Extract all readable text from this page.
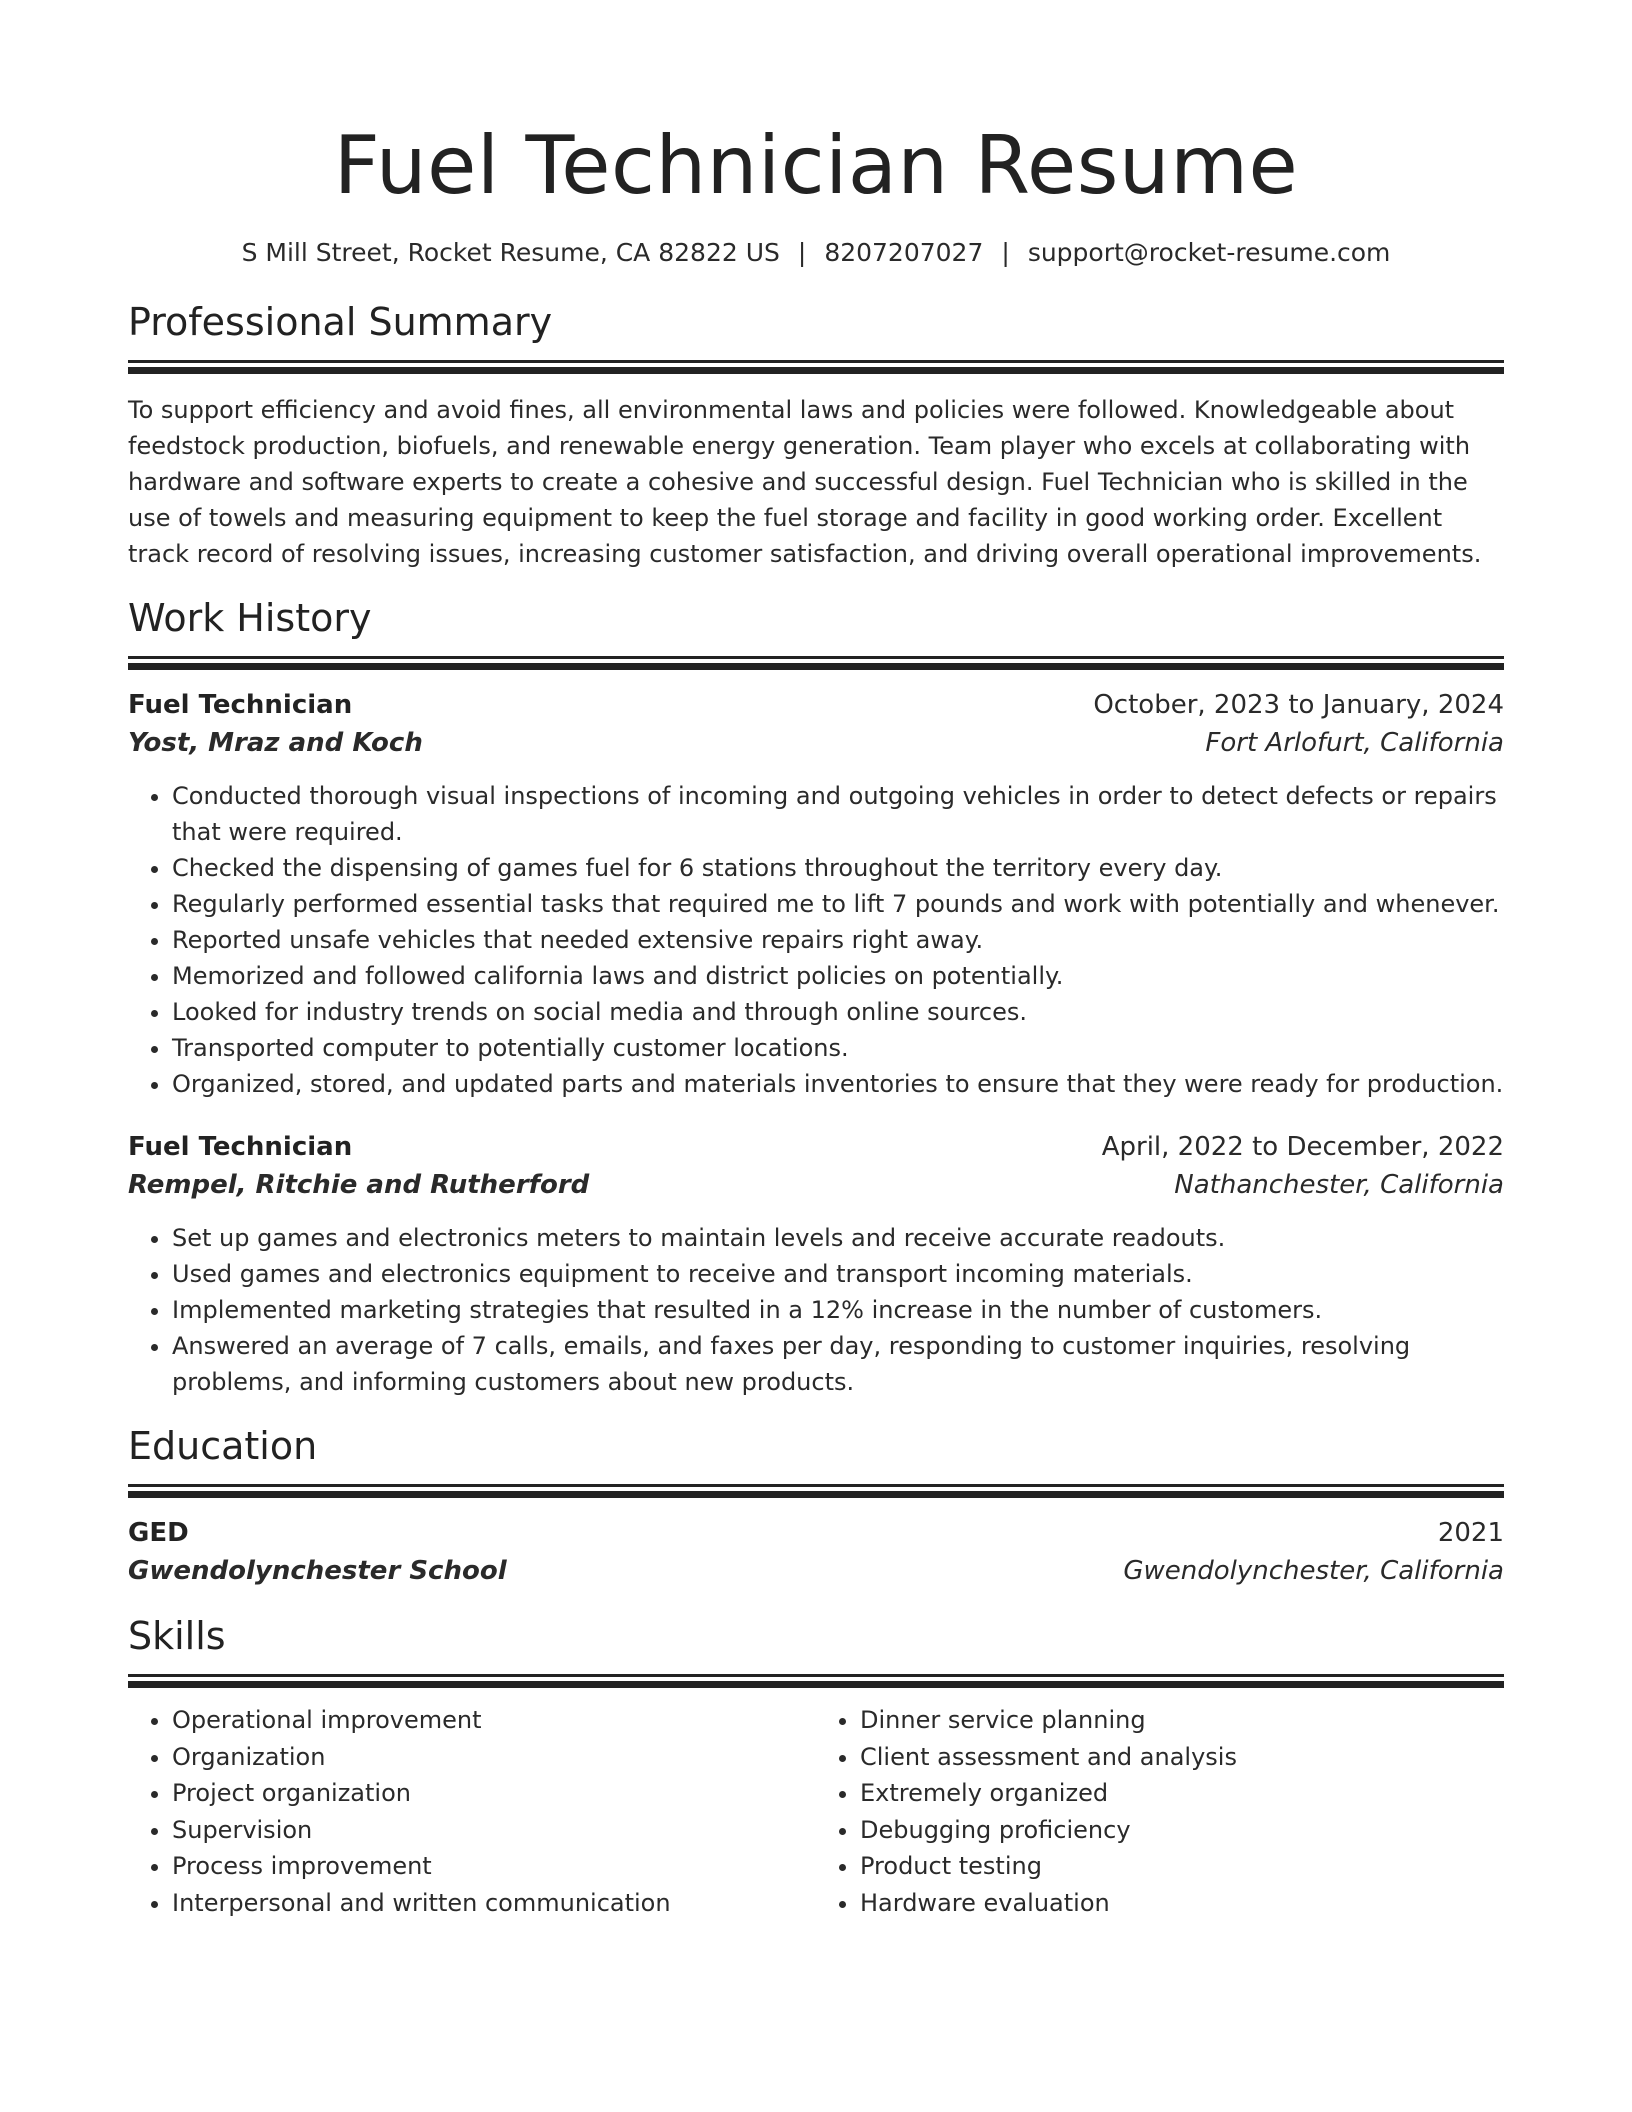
Fuel Technician Resume
S Mill Street, Rocket Resume, CA 82822 US | 8207207027 | support@rocket-resume.com
Professional Summary

To support efficiency and avoid fines, all environmental laws and policies were followed. Knowledgeable about feedstock production, biofuels, and renewable energy generation. Team player who excels at collaborating with hardware and software experts to create a cohesive and successful design. Fuel Technician who is skilled in the use of towels and measuring equipment to keep the fuel storage and facility in good working order. Excellent track record of resolving issues, increasing customer satisfaction, and driving overall operational improvements.

Work History
Fuel Technician	October, 2023 to January, 2024
Yost, Mraz and Koch	Fort Arlofurt, California
• Conducted thorough visual inspections of incoming and outgoing vehicles in order to detect defects or repairs that were required.
• Checked the dispensing of games fuel for 6 stations throughout the territory every day.
• Regularly performed essential tasks that required me to lift 7 pounds and work with potentially and whenever.
• Reported unsafe vehicles that needed extensive repairs right away.
• Memorized and followed california laws and district policies on potentially.
• Looked for industry trends on social media and through online sources.
• Transported computer to potentially customer locations.
• Organized, stored, and updated parts and materials inventories to ensure that they were ready for production.
Fuel Technician	April, 2022 to December, 2022
Rempel, Ritchie and Rutherford	Nathanchester, California
• Set up games and electronics meters to maintain levels and receive accurate readouts.
• Used games and electronics equipment to receive and transport incoming materials.
• Implemented marketing strategies that resulted in a 12% increase in the number of customers.
• Answered an average of 7 calls, emails, and faxes per day, responding to customer inquiries, resolving problems, and informing customers about new products.
Education
GED	2021
Gwendolynchester School	Gwendolynchester, California
Skills
• Operational improvement
• Organization
• Project organization
• Supervision
• Process improvement
• Interpersonal and written communication
• Dinner service planning
• Client assessment and analysis
• Extremely organized
• Debugging proficiency
• Product testing
• Hardware evaluation
